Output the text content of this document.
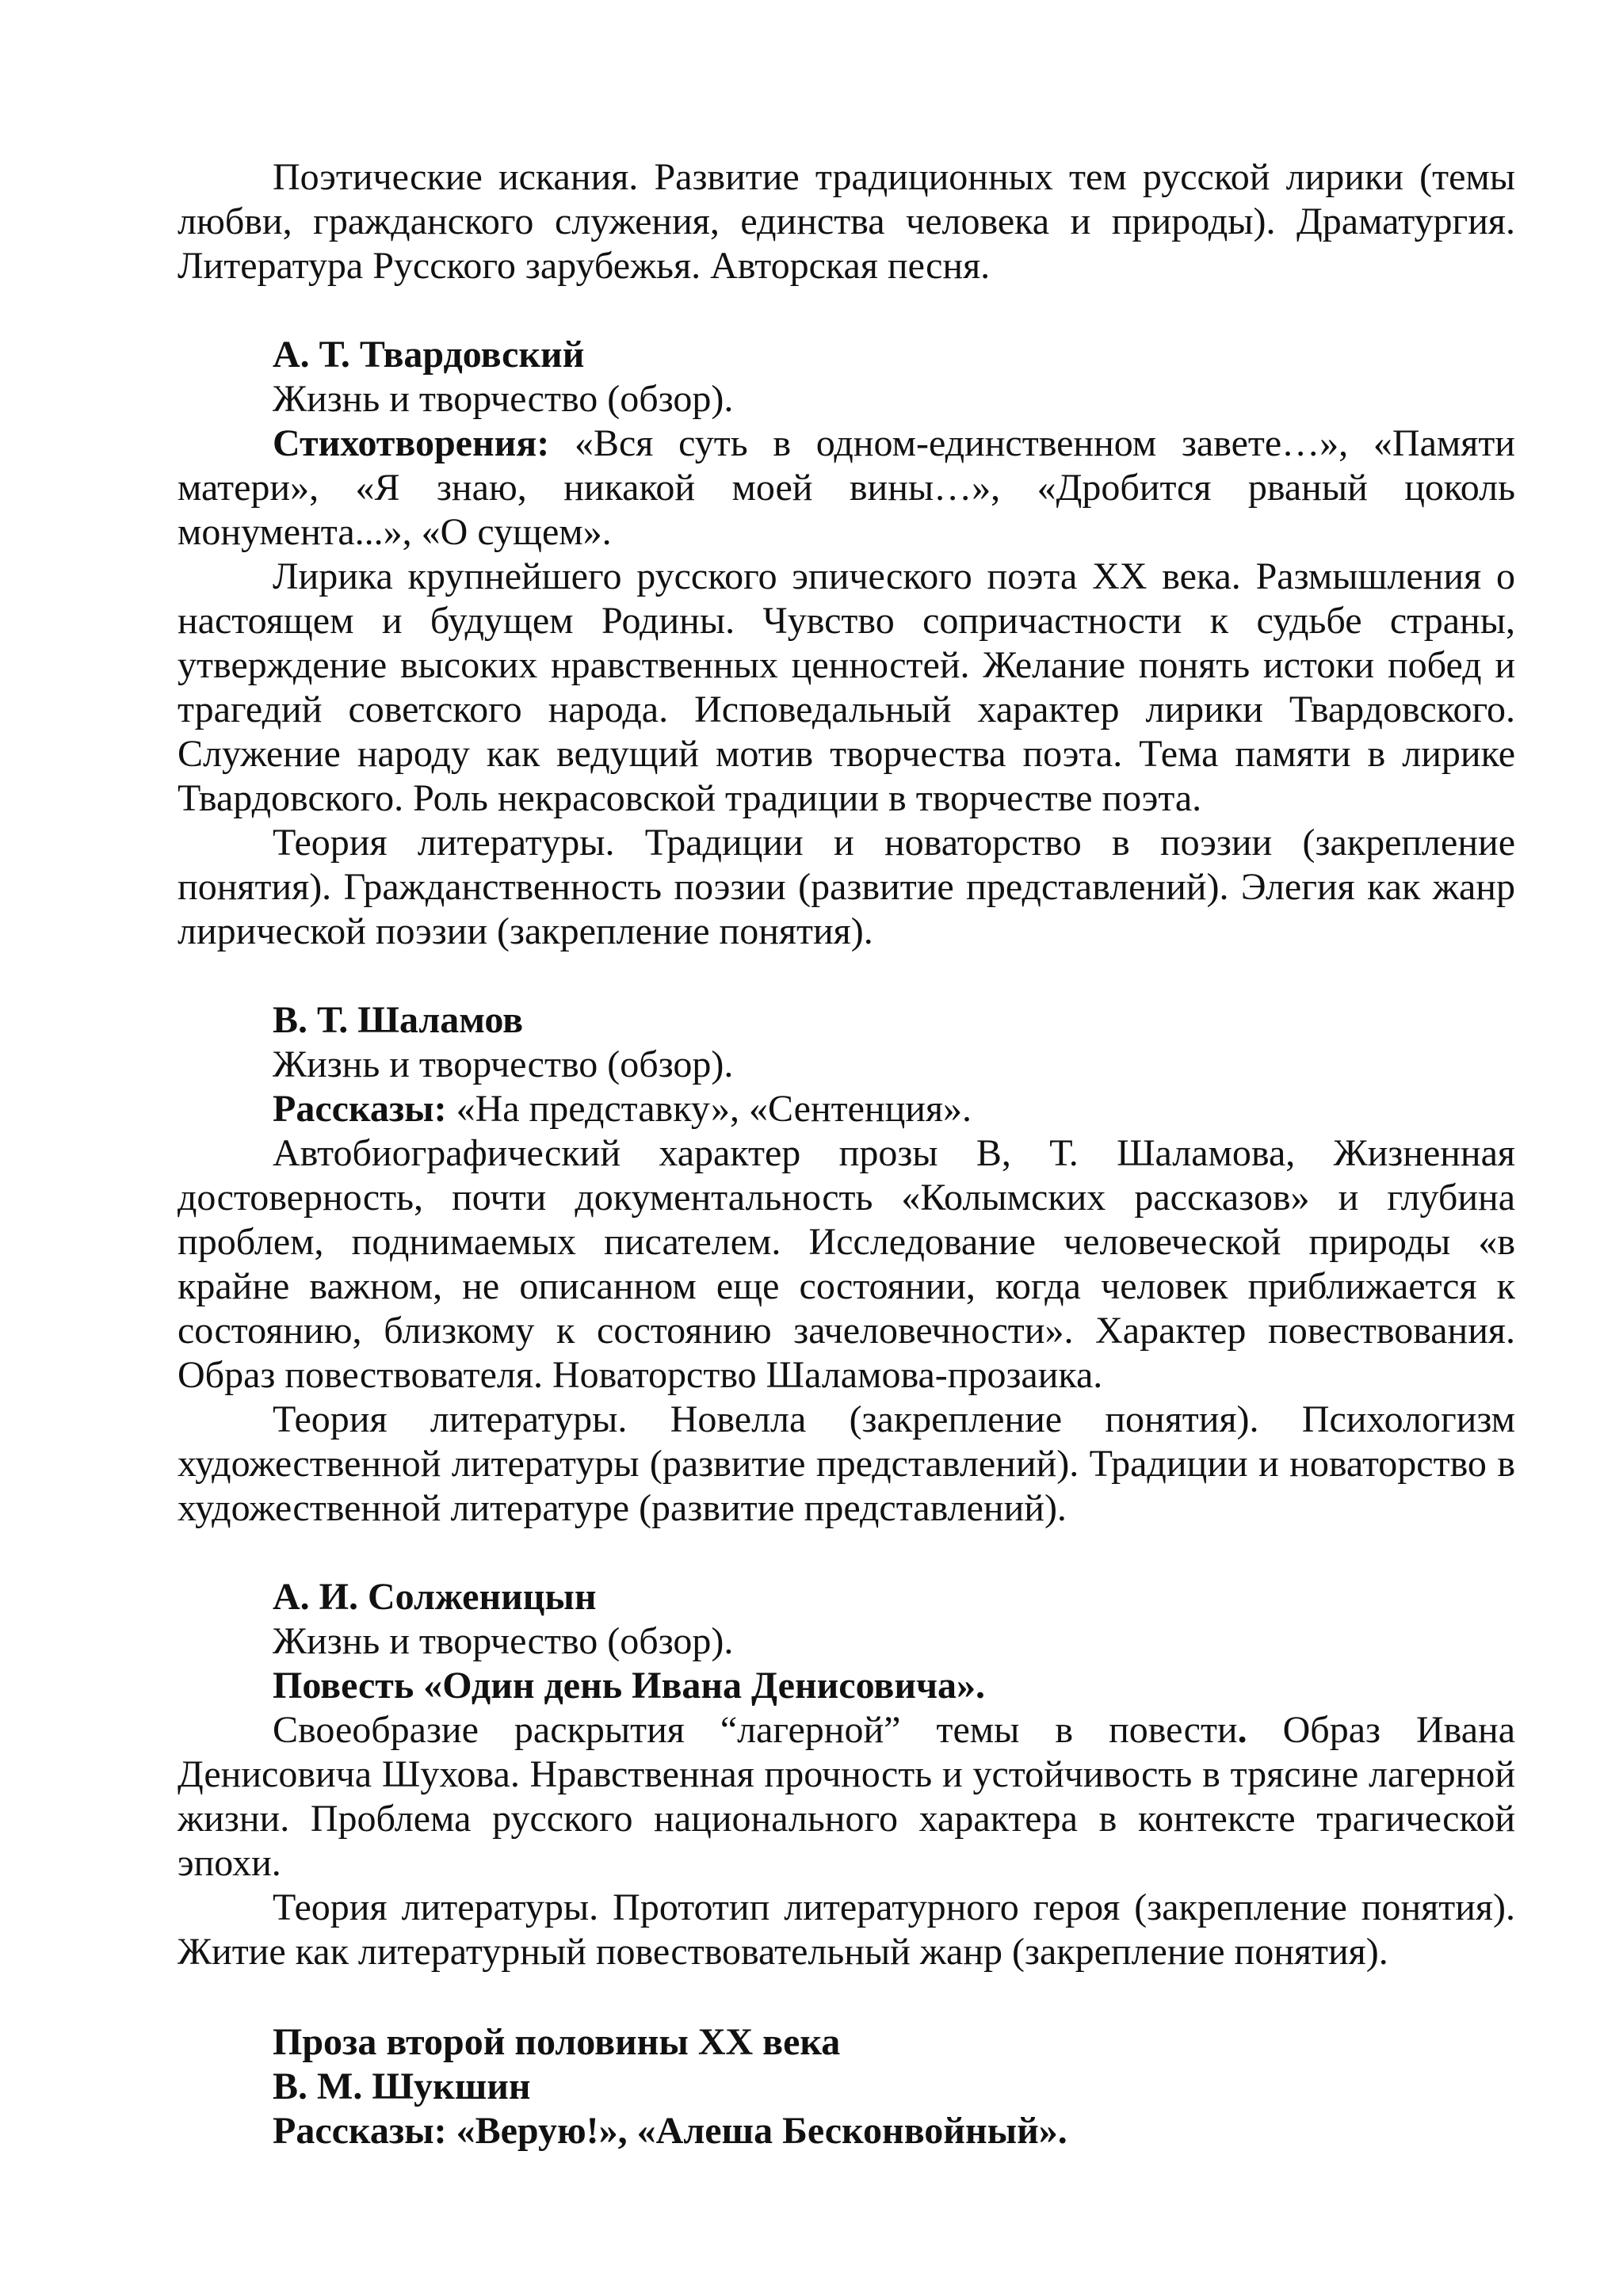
Поэтические искания. Развитие традиционных тем русской лирики (темы любви, гражданского служения, единства человека и природы). Драматургия. Литература Русского зарубежья. Авторская песня.

А. Т. Твардовский

Жизнь и творчество (обзор).

Стихотворения: «Вся суть в одном-единственном завете…», «Памяти матери», «Я знаю, никакой моей вины…», «Дробится рваный цоколь монумента...», «О сущем».

Лирика крупнейшего русского эпического поэта XX века. Размышления о настоящем и будущем Родины. Чувство сопричастности к судьбе страны, утверждение высоких нравственных ценностей. Желание понять истоки побед и трагедий советского народа. Исповедальный характер лирики Твардовского. Служение народу как ведущий мотив творчества поэта. Тема памяти в лирике Твардовского. Роль некрасовской традиции в творчестве поэта.

Теория литературы. Традиции и новаторство в поэзии (закрепление понятия). Гражданственность поэзии (развитие представлений). Элегия как жанр лирической поэзии (закрепление понятия).

В. Т. Шаламов

Жизнь и творчество (обзор).

Рассказы: «На представку», «Сентенция».

Автобиографический характер прозы В, Т. Шаламова, Жизненная достоверность, почти документальность «Колымских рассказов» и глубина проблем, поднимаемых писателем. Исследование человеческой природы «в крайне важном, не описанном еще состоянии, когда человек приближается к состоянию, близкому к состоянию зачеловечности». Характер повествования. Образ повествователя. Новаторство Шаламова-прозаика.

Теория литературы. Новелла (закрепление понятия). Психологизм художественной литературы (развитие представлений). Традиции и новаторство в художественной литературе (развитие представлений).

А. И. Солженицын

Жизнь и творчество (обзор).

Повесть «Один день Ивана Денисовича».

Своеобразие раскрытия “лагерной” темы в повести. Образ Ивана Денисовича Шухова. Нравственная прочность и устойчивость в трясине лагерной жизни. Проблема русского национального характера в контексте трагической эпохи.

Теория литературы. Прототип литературного героя (закрепление понятия). Житие как литературный повествовательный жанр (закрепление понятия).

Проза второй половины XX века

В. М. Шукшин

Рассказы: «Верую!», «Алеша Бесконвойный».
